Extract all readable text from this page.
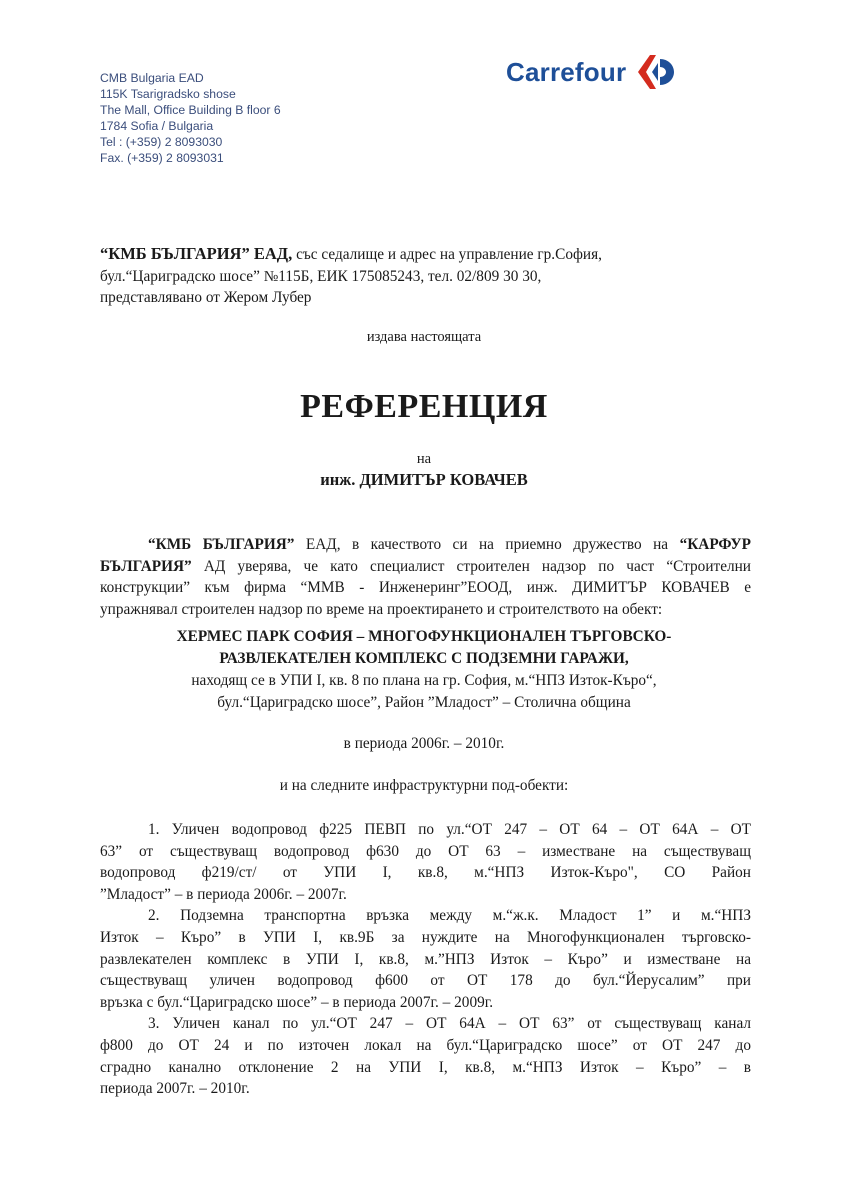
CMB Bulgaria EAD
115K Tsarigradsko shose
The Mall, Office Building B floor 6
1784 Sofia / Bulgaria
Tel : (+359) 2 8093030
Fax. (+359) 2 8093031
Carrefour
“КМБ БЪЛГАРИЯ” ЕАД, със седалище и адрес на управление гр.София,
бул.“Цариградско шосе” №115Б, ЕИК 175085243, тел. 02/809 30 30,
представлявано от Жером Лубер
издава настоящата
РЕФЕРЕНЦИЯ
на
инж. ДИМИТЪР КОВАЧЕВ
“КМБ БЪЛГАРИЯ” ЕАД, в качеството си на приемно дружество на “КАРФУР
БЪЛГАРИЯ” АД уверява, че като специалист строителен надзор по част “Строителни
конструкции” към фирма “ММВ - Инженеринг”ЕООД, инж. ДИМИТЪР КОВАЧЕВ е
упражнявал строителен надзор по време на проектирането и строителството на обект:
ХЕРМЕС ПАРК СОФИЯ – МНОГОФУНКЦИОНАЛЕН ТЪРГОВСКО-
РАЗВЛЕКАТЕЛЕН КОМПЛЕКС С ПОДЗЕМНИ ГАРАЖИ,
находящ се в УПИ I, кв. 8 по плана на гр. София, м.“НПЗ Изток-Къро“,
бул.“Цариградско шосе”, Район ”Младост” – Столична община
в периода 2006г. – 2010г.
и на следните инфраструктурни под-обекти:
1. Уличен водопровод ф225 ПЕВП по ул.“ОТ 247 – ОТ 64 – ОТ 64А – ОТ
63” от съществуващ водопровод ф630 до ОТ 63 – изместване на съществуващ
водопровод ф219/ст/ от УПИ I, кв.8, м.“НПЗ Изток-Къро", СО Район
”Младост” – в периода 2006г. – 2007г.
2. Подземна транспортна връзка между м.“ж.к. Младост 1” и м.“НПЗ
Изток – Къро” в УПИ I, кв.9Б за нуждите на Многофункционален търговско-
развлекателен комплекс в УПИ I, кв.8, м.”НПЗ Изток – Къро” и изместване на
съществуващ уличен водопровод ф600 от ОТ 178 до бул.“Йерусалим” при
връзка с бул.“Цариградско шосе” – в периода 2007г. – 2009г.
3. Уличен канал по ул.“ОТ 247 – ОТ 64А – ОТ 63” от съществуващ канал
ф800 до ОТ 24 и по източен локал на бул.“Цариградско шосе” от ОТ 247 до
сградно канално отклонение 2 на УПИ I, кв.8, м.“НПЗ Изток – Къро” – в
периода 2007г. – 2010г.
